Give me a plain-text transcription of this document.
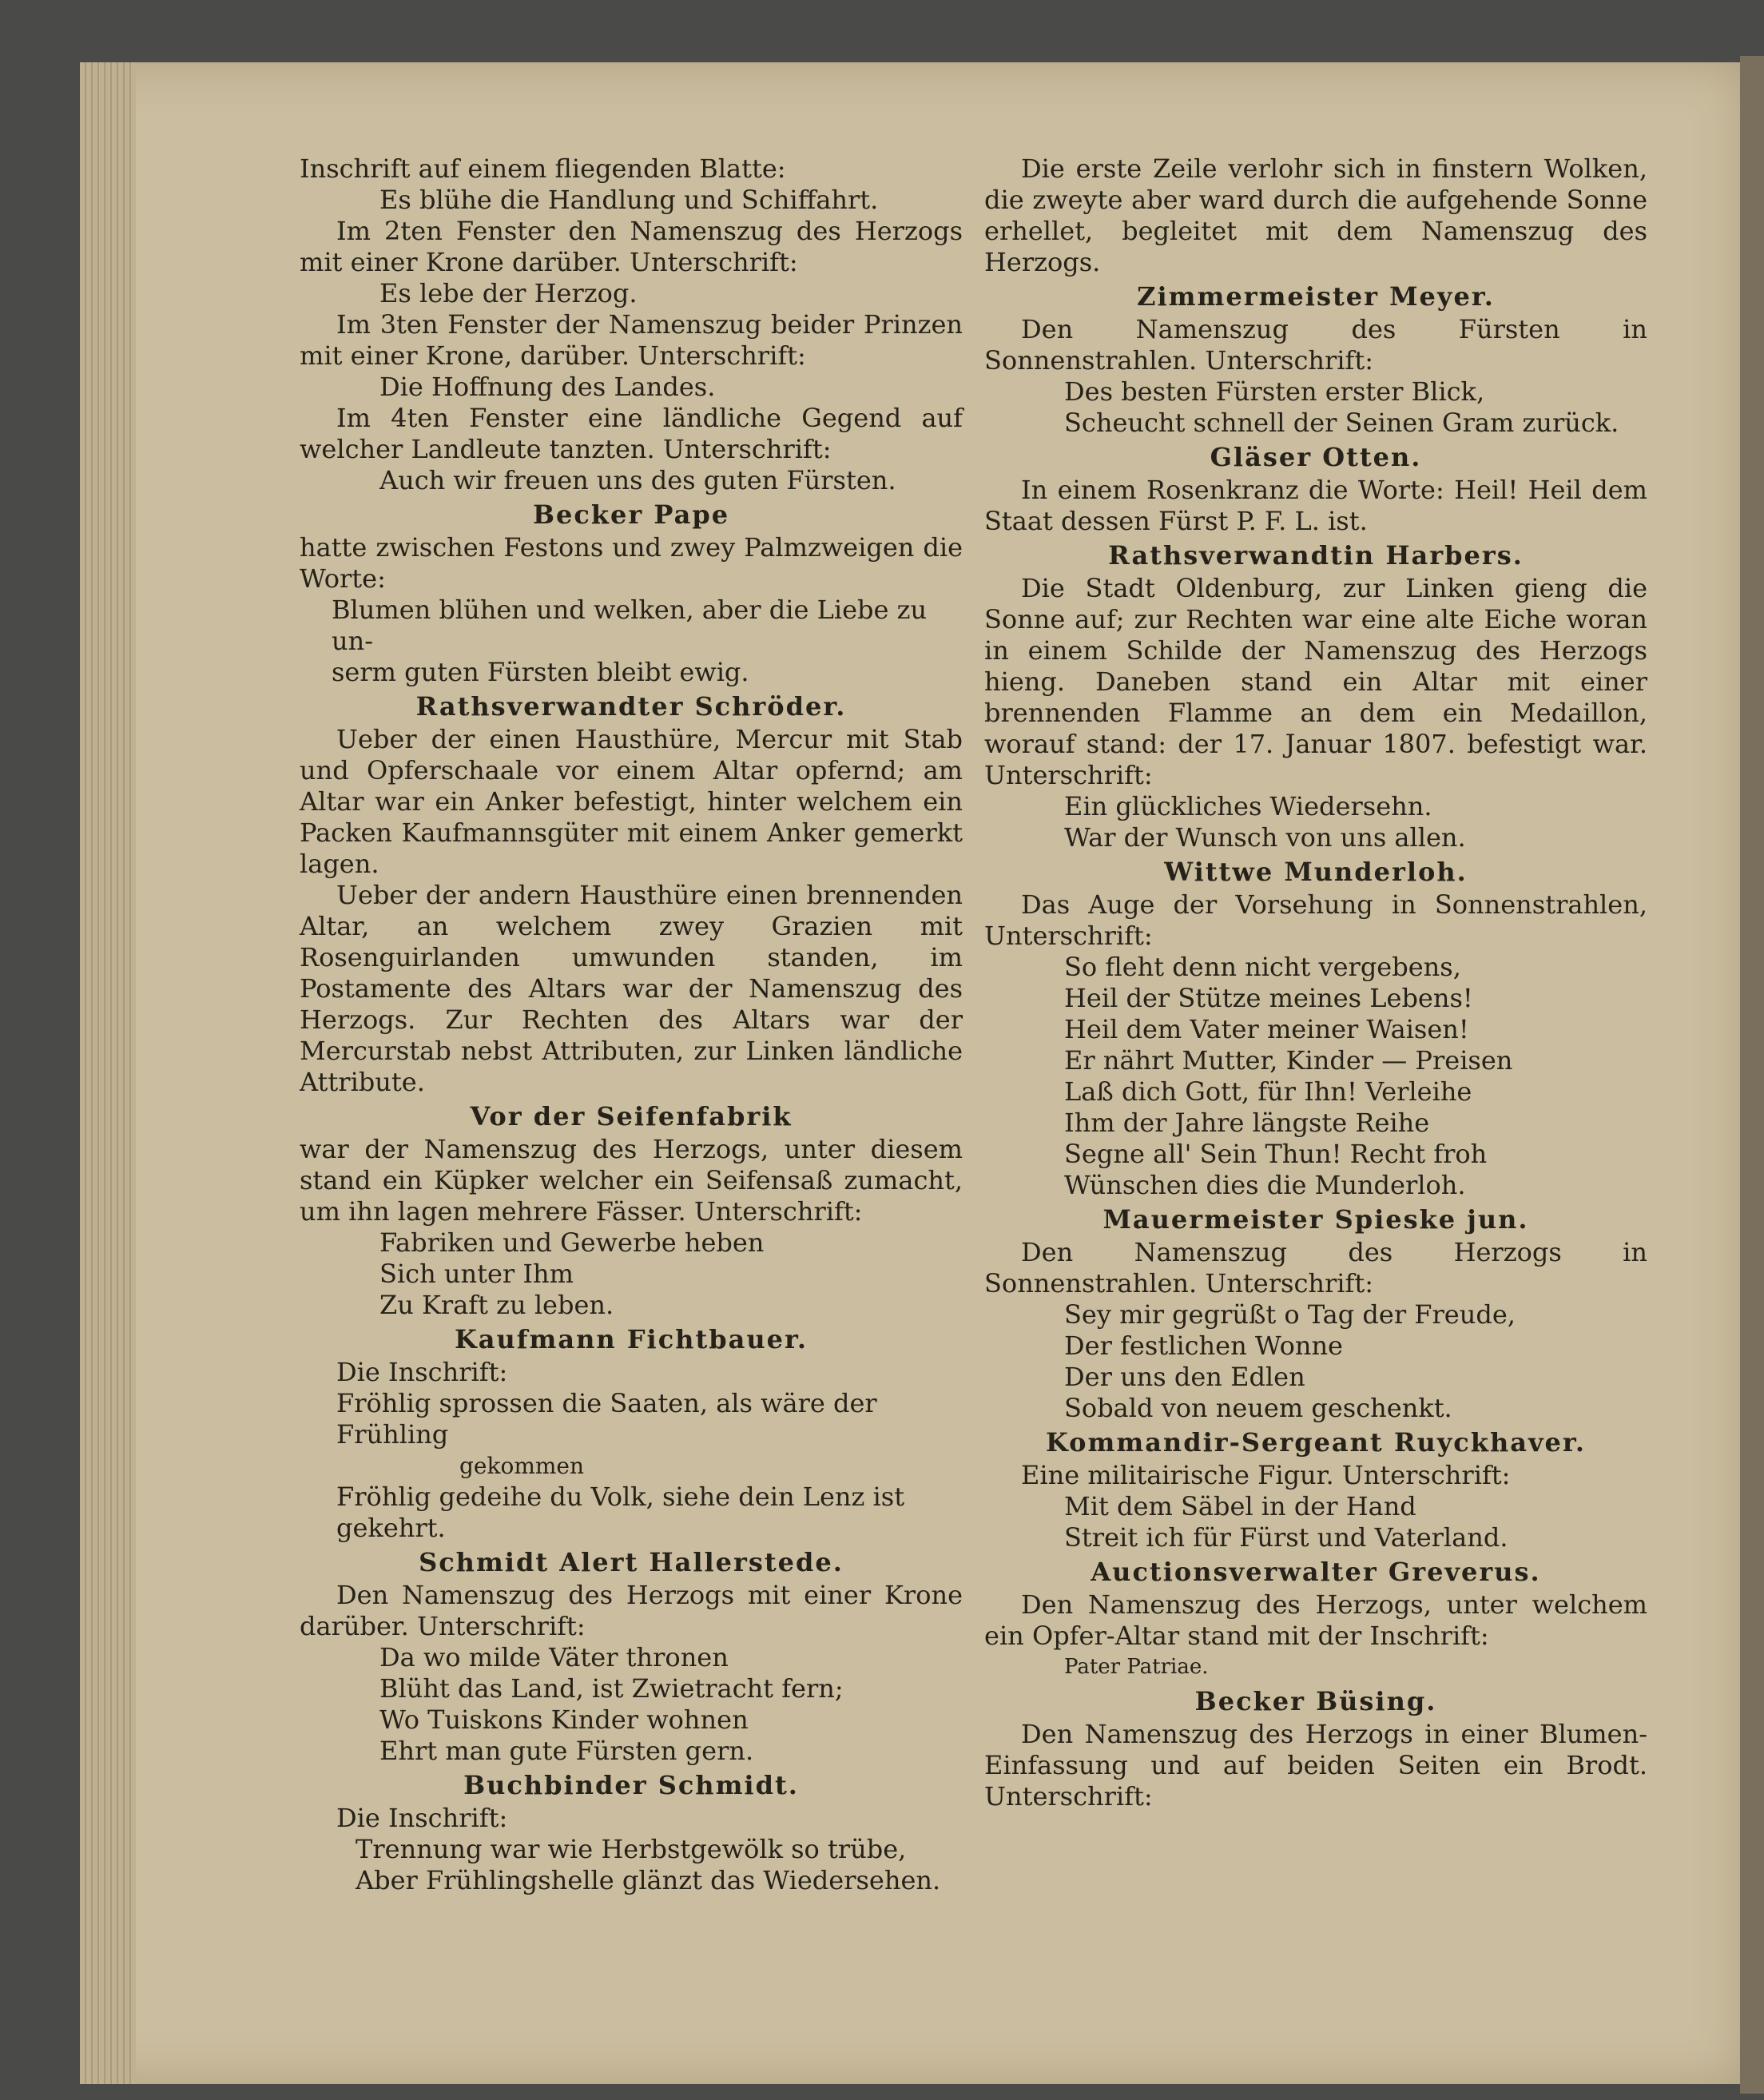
Inschrift auf einem fliegenden Blatte:
Es blühe die Handlung und Schiffahrt.
Im 2ten Fenster den Namenszug des Herzogs mit einer Krone darüber. Unterschrift:
Es lebe der Herzog.
Im 3ten Fenster der Namenszug beider Prinzen mit einer Krone, darüber. Unterschrift:
Die Hoffnung des Landes.
Im 4ten Fenster eine ländliche Gegend auf welcher Landleute tanzten. Unterschrift:
Auch wir freuen uns des guten Fürsten.
Becker Pape
hatte zwischen Festons und zwey Palmzweigen die Worte:
Blumen blühen und welken, aber die Liebe zu un-
serm guten Fürsten bleibt ewig.
Rathsverwandter Schröder.
Ueber der einen Hausthüre, Mercur mit Stab und Opferschaale vor einem Altar opfernd; am Altar war ein Anker befestigt, hinter welchem ein Packen Kaufmannsgüter mit einem Anker gemerkt lagen.
Ueber der andern Hausthüre einen brennenden Altar, an welchem zwey Grazien mit Rosenguirlanden umwunden standen, im Postamente des Altars war der Namenszug des Herzogs. Zur Rechten des Altars war der Mercurstab nebst Attributen, zur Linken ländliche Attribute.
Vor der Seifenfabrik
war der Namenszug des Herzogs, unter diesem stand ein Küpker welcher ein Seifensaß zumacht, um ihn lagen mehrere Fässer. Unterschrift:
Fabriken und Gewerbe heben
Sich unter Ihm
Zu Kraft zu leben.
Kaufmann Fichtbauer.
Die Inschrift:
Fröhlig sprossen die Saaten, als wäre der Frühling
gekommen
Fröhlig gedeihe du Volk, siehe dein Lenz ist gekehrt.
Schmidt Alert Hallerstede.
Den Namenszug des Herzogs mit einer Krone darüber. Unterschrift:
Da wo milde Väter thronen
Blüht das Land, ist Zwietracht fern;
Wo Tuiskons Kinder wohnen
Ehrt man gute Fürsten gern.
Buchbinder Schmidt.
Die Inschrift:
Trennung war wie Herbstgewölk so trübe,
Aber Frühlingshelle glänzt das Wiedersehen.
Die erste Zeile verlohr sich in finstern Wolken, die zweyte aber ward durch die aufgehende Sonne erhellet, begleitet mit dem Namenszug des Herzogs.
Zimmermeister Meyer.
Den Namenszug des Fürsten in Sonnenstrahlen. Unterschrift:
Des besten Fürsten erster Blick,
Scheucht schnell der Seinen Gram zurück.
Gläser Otten.
In einem Rosenkranz die Worte: Heil! Heil dem Staat dessen Fürst P. F. L. ist.
Rathsverwandtin Harbers.
Die Stadt Oldenburg, zur Linken gieng die Sonne auf; zur Rechten war eine alte Eiche woran in einem Schilde der Namenszug des Herzogs hieng. Daneben stand ein Altar mit einer brennenden Flamme an dem ein Medaillon, worauf stand: der 17. Januar 1807. befestigt war. Unterschrift:
Ein glückliches Wiedersehn.
War der Wunsch von uns allen.
Wittwe Munderloh.
Das Auge der Vorsehung in Sonnenstrahlen, Unterschrift:
So fleht denn nicht vergebens,
Heil der Stütze meines Lebens!
Heil dem Vater meiner Waisen!
Er nährt Mutter, Kinder — Preisen
Laß dich Gott, für Ihn! Verleihe
Ihm der Jahre längste Reihe
Segne all' Sein Thun! Recht froh
Wünschen dies die Munderloh.
Mauermeister Spieske jun.
Den Namenszug des Herzogs in Sonnenstrahlen. Unterschrift:
Sey mir gegrüßt o Tag der Freude,
Der festlichen Wonne
Der uns den Edlen
Sobald von neuem geschenkt.
Kommandir-Sergeant Ruyckhaver.
Eine militairische Figur. Unterschrift:
Mit dem Säbel in der Hand
Streit ich für Fürst und Vaterland.
Auctionsverwalter Greverus.
Den Namenszug des Herzogs, unter welchem ein Opfer-Altar stand mit der Inschrift:
Pater Patriae.
Becker Büsing.
Den Namenszug des Herzogs in einer Blumen-Einfassung und auf beiden Seiten ein Brodt. Unterschrift:
